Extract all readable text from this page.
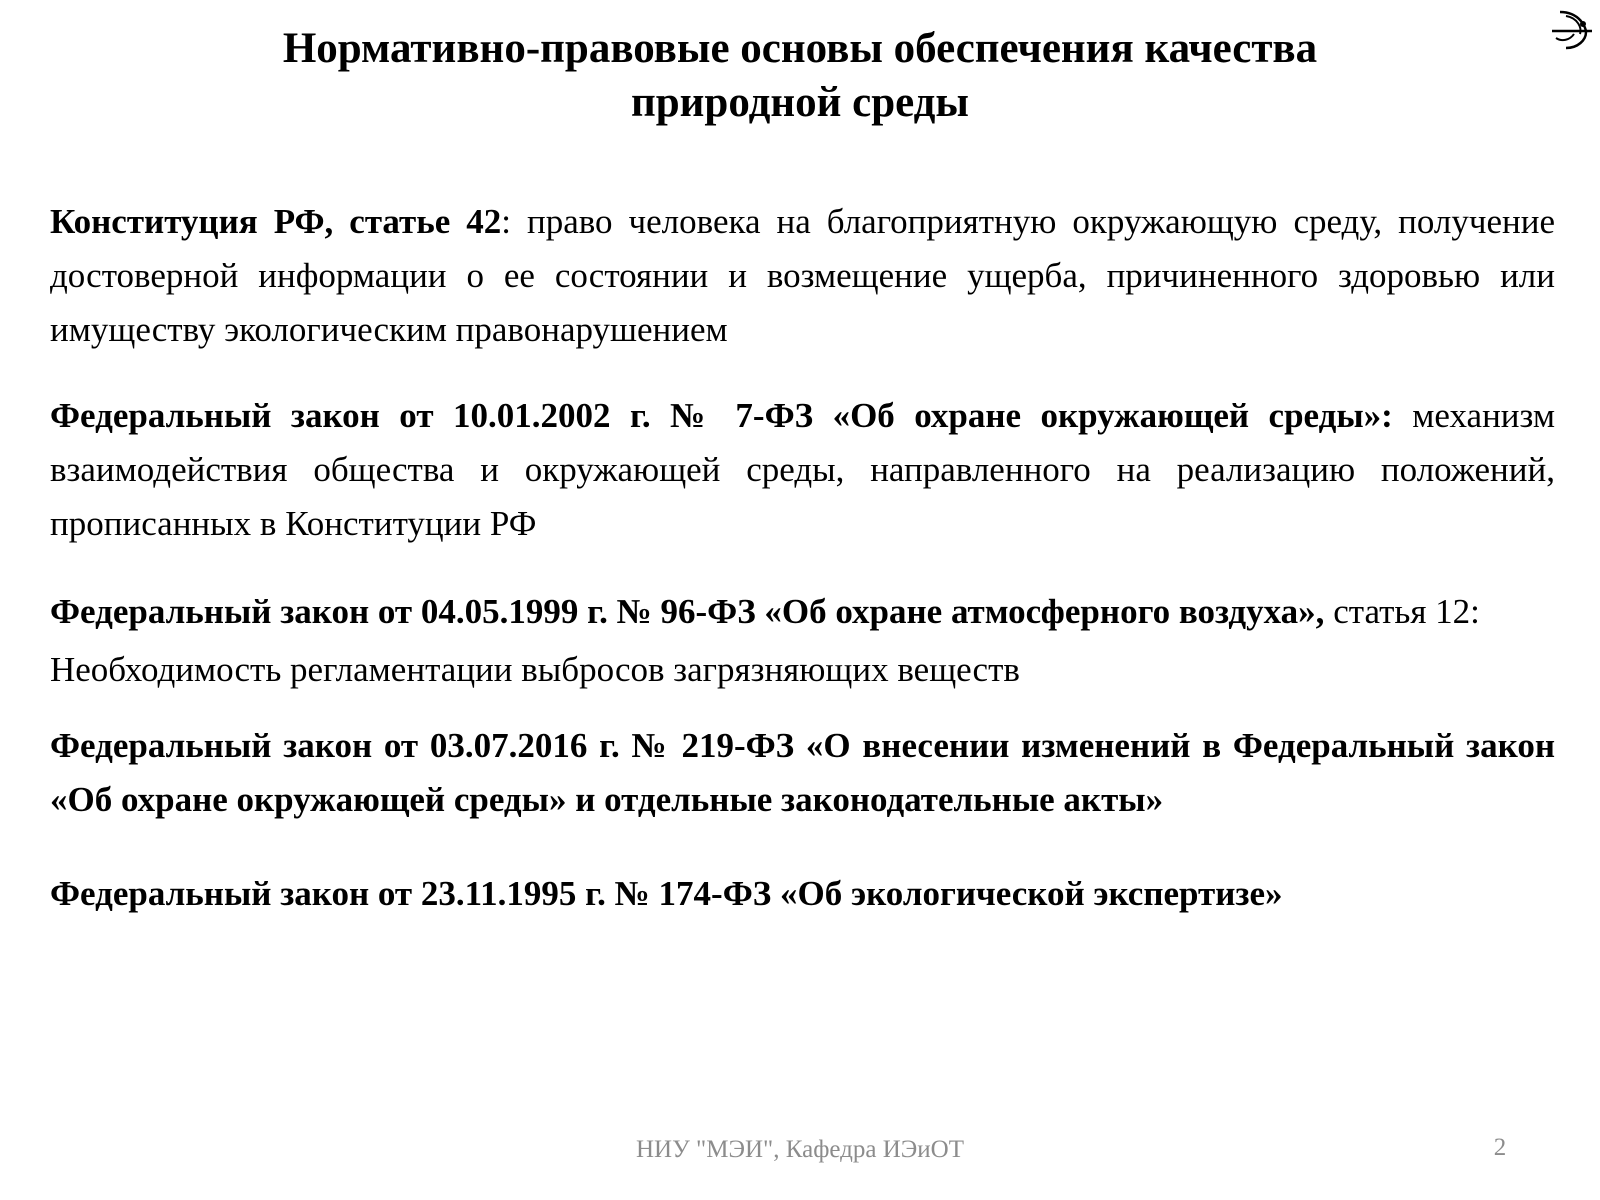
Нормативно-правовые основы обеспечения качества
природной среды

Конституция РФ, статье 42: право человека на благоприятную окружающую среду, получение достоверной информации о ее состоянии и возмещение ущерба, причиненного здоровью или имуществу экологическим правонарушением

Федеральный закон от 10.01.2002 г. № 7-ФЗ «Об охране окружающей среды»: механизм взаимодействия общества и окружающей среды, направленного на реализацию положений, прописанных в Конституции РФ

Федеральный закон от 04.05.1999 г. № 96-ФЗ «Об охране атмосферного воздуха», статья 12: Необходимость регламентации выбросов загрязняющих веществ

Федеральный закон от 03.07.2016 г. № 219-ФЗ «О внесении изменений в Федеральный закон «Об охране окружающей среды» и отдельные законодательные акты»

Федеральный закон от 23.11.1995 г. № 174-ФЗ «Об экологической экспертизе»

НИУ "МЭИ", Кафедра ИЭиОТ	2
